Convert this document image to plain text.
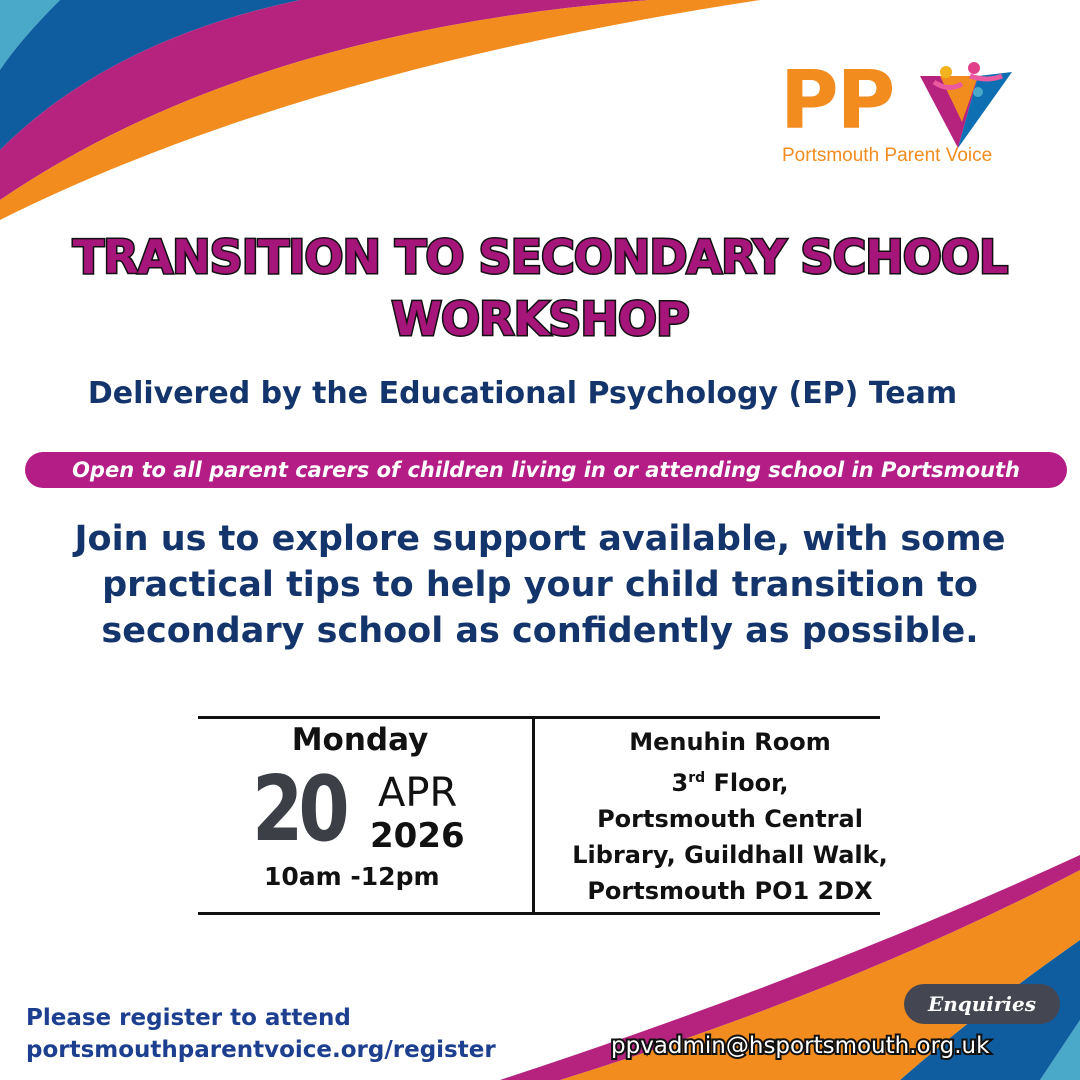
PP
Portsmouth Parent Voice
TRANSITION TO SECONDARY SCHOOL
WORKSHOP
Delivered by the Educational Psychology (EP) Team
Open to all parent carers of children living in or attending school in Portsmouth
Join us to explore support available, with some practical tips to help your child transition to secondary school as confidently as possible.
Monday
20 APR
2026
10am -12pm
Menuhin Room
3rd Floor,
Portsmouth Central
Library, Guildhall Walk,
Portsmouth PO1 2DX
Please register to attend
portsmouthparentvoice.org/register
Enquiries
ppvadmin@hsportsmouth.org.uk
